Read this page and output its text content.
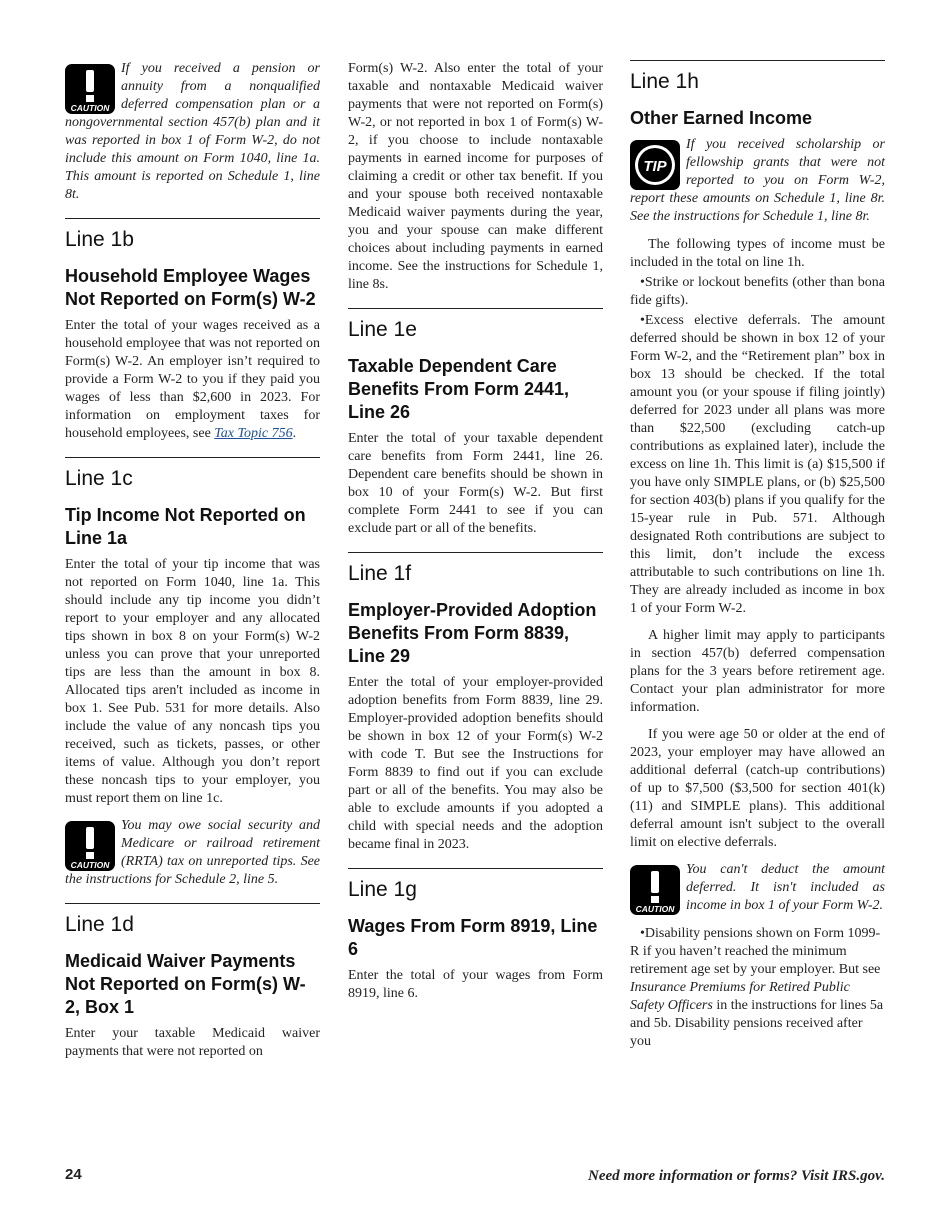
CAUTION
If you received a pension or annuity from a nonqualified deferred compensation plan or a nongovernmental section 457(b) plan and it was reported in box 1 of Form W-2, do not include this amount on Form 1040, line 1a. This amount is reported on Schedule 1, line 8t.
Line 1b
Household Employee Wages Not Reported on Form(s) W-2

Enter the total of your wages received as a household employee that was not reported on Form(s) W-2. An employer isn’t required to provide a Form W-2 to you if they paid you wages of less than $2,600 in 2023. For information on employment taxes for household employees, see Tax Topic 756.

Line 1c
Tip Income Not Reported on Line 1a

Enter the total of your tip income that was not reported on Form 1040, line 1a. This should include any tip income you didn’t report to your employer and any allocated tips shown in box 8 on your Form(s) W-2 unless you can prove that your unreported tips are less than the amount in box 8. Allocated tips aren't included as income in box 1. See Pub. 531 for more details. Also include the value of any noncash tips you received, such as tickets, passes, or other items of value. Although you don’t report these noncash tips to your employer, you must report them on line 1c.

CAUTION
You may owe social security and Medicare or railroad retirement (RRTA) tax on unreported tips. See the instructions for Schedule 2, line 5.
Line 1d
Medicaid Waiver Payments Not Reported on Form(s) W-2, Box 1

Enter your taxable Medicaid waiver payments that were not reported on

Form(s) W-2. Also enter the total of your taxable and nontaxable Medicaid waiver payments that were not reported on Form(s) W-2, or not reported in box 1 of Form(s) W-2, if you choose to include nontaxable payments in earned income for purposes of claiming a credit or other tax benefit. If you and your spouse both received nontaxable Medicaid waiver payments during the year, you and your spouse can make different choices about including payments in earned income. See the instructions for Schedule 1, line 8s.

Line 1e
Taxable Dependent Care Benefits From Form 2441, Line 26

Enter the total of your taxable dependent care benefits from Form 2441, line 26. Dependent care benefits should be shown in box 10 of your Form(s) W-2. But first complete Form 2441 to see if you can exclude part or all of the benefits.

Line 1f
Employer-Provided Adoption Benefits From Form 8839, Line 29

Enter the total of your employer-provided adoption benefits from Form 8839, line 29. Employer-provided adoption benefits should be shown in box 12 of your Form(s) W-2 with code T. But see the Instructions for Form 8839 to find out if you can exclude part or all of the benefits. You may also be able to exclude amounts if you adopted a child with special needs and the adoption became final in 2023.

Line 1g
Wages From Form 8919, Line 6

Enter the total of your wages from Form 8919, line 6.

Line 1h
Other Earned Income
TIP
If you received scholarship or fellowship grants that were not reported to you on Form W-2, report these amounts on Schedule 1, line 8r. See the instructions for Schedule 1, line 8r.

The following types of income must be included in the total on line 1h.

• Strike or lockout benefits (other than bona fide gifts).

• Excess elective deferrals. The amount deferred should be shown in box 12 of your Form W-2, and the “Retirement plan” box in box 13 should be checked. If the total amount you (or your spouse if filing jointly) deferred for 2023 under all plans was more than $22,500 (excluding catch-up contributions as explained later), include the excess on line 1h. This limit is (a) $15,500 if you have only SIMPLE plans, or (b) $25,500 for section 403(b) plans if you qualify for the 15-year rule in Pub. 571. Although designated Roth contributions are subject to this limit, don’t include the excess attributable to such contributions on line 1h. They are already included as income in box 1 of your Form W-2.

A higher limit may apply to participants in section 457(b) deferred compensation plans for the 3 years before retirement age. Contact your plan administrator for more information.

If you were age 50 or older at the end of 2023, your employer may have allowed an additional deferral (catch-up contributions) of up to $7,500 ($3,500 for section 401(k)(11) and SIMPLE plans). This additional deferral amount isn't subject to the overall limit on elective deferrals.

CAUTION
You can't deduct the amount deferred. It isn't included as income in box 1 of your Form W-2.

• Disability pensions shown on Form 1099-R if you haven’t reached the minimum retirement age set by your employer. But see Insurance Premiums for Retired Public Safety Officers in the instructions for lines 5a and 5b. Disability pensions received after you

24	Need more information or forms? Visit IRS.gov.
